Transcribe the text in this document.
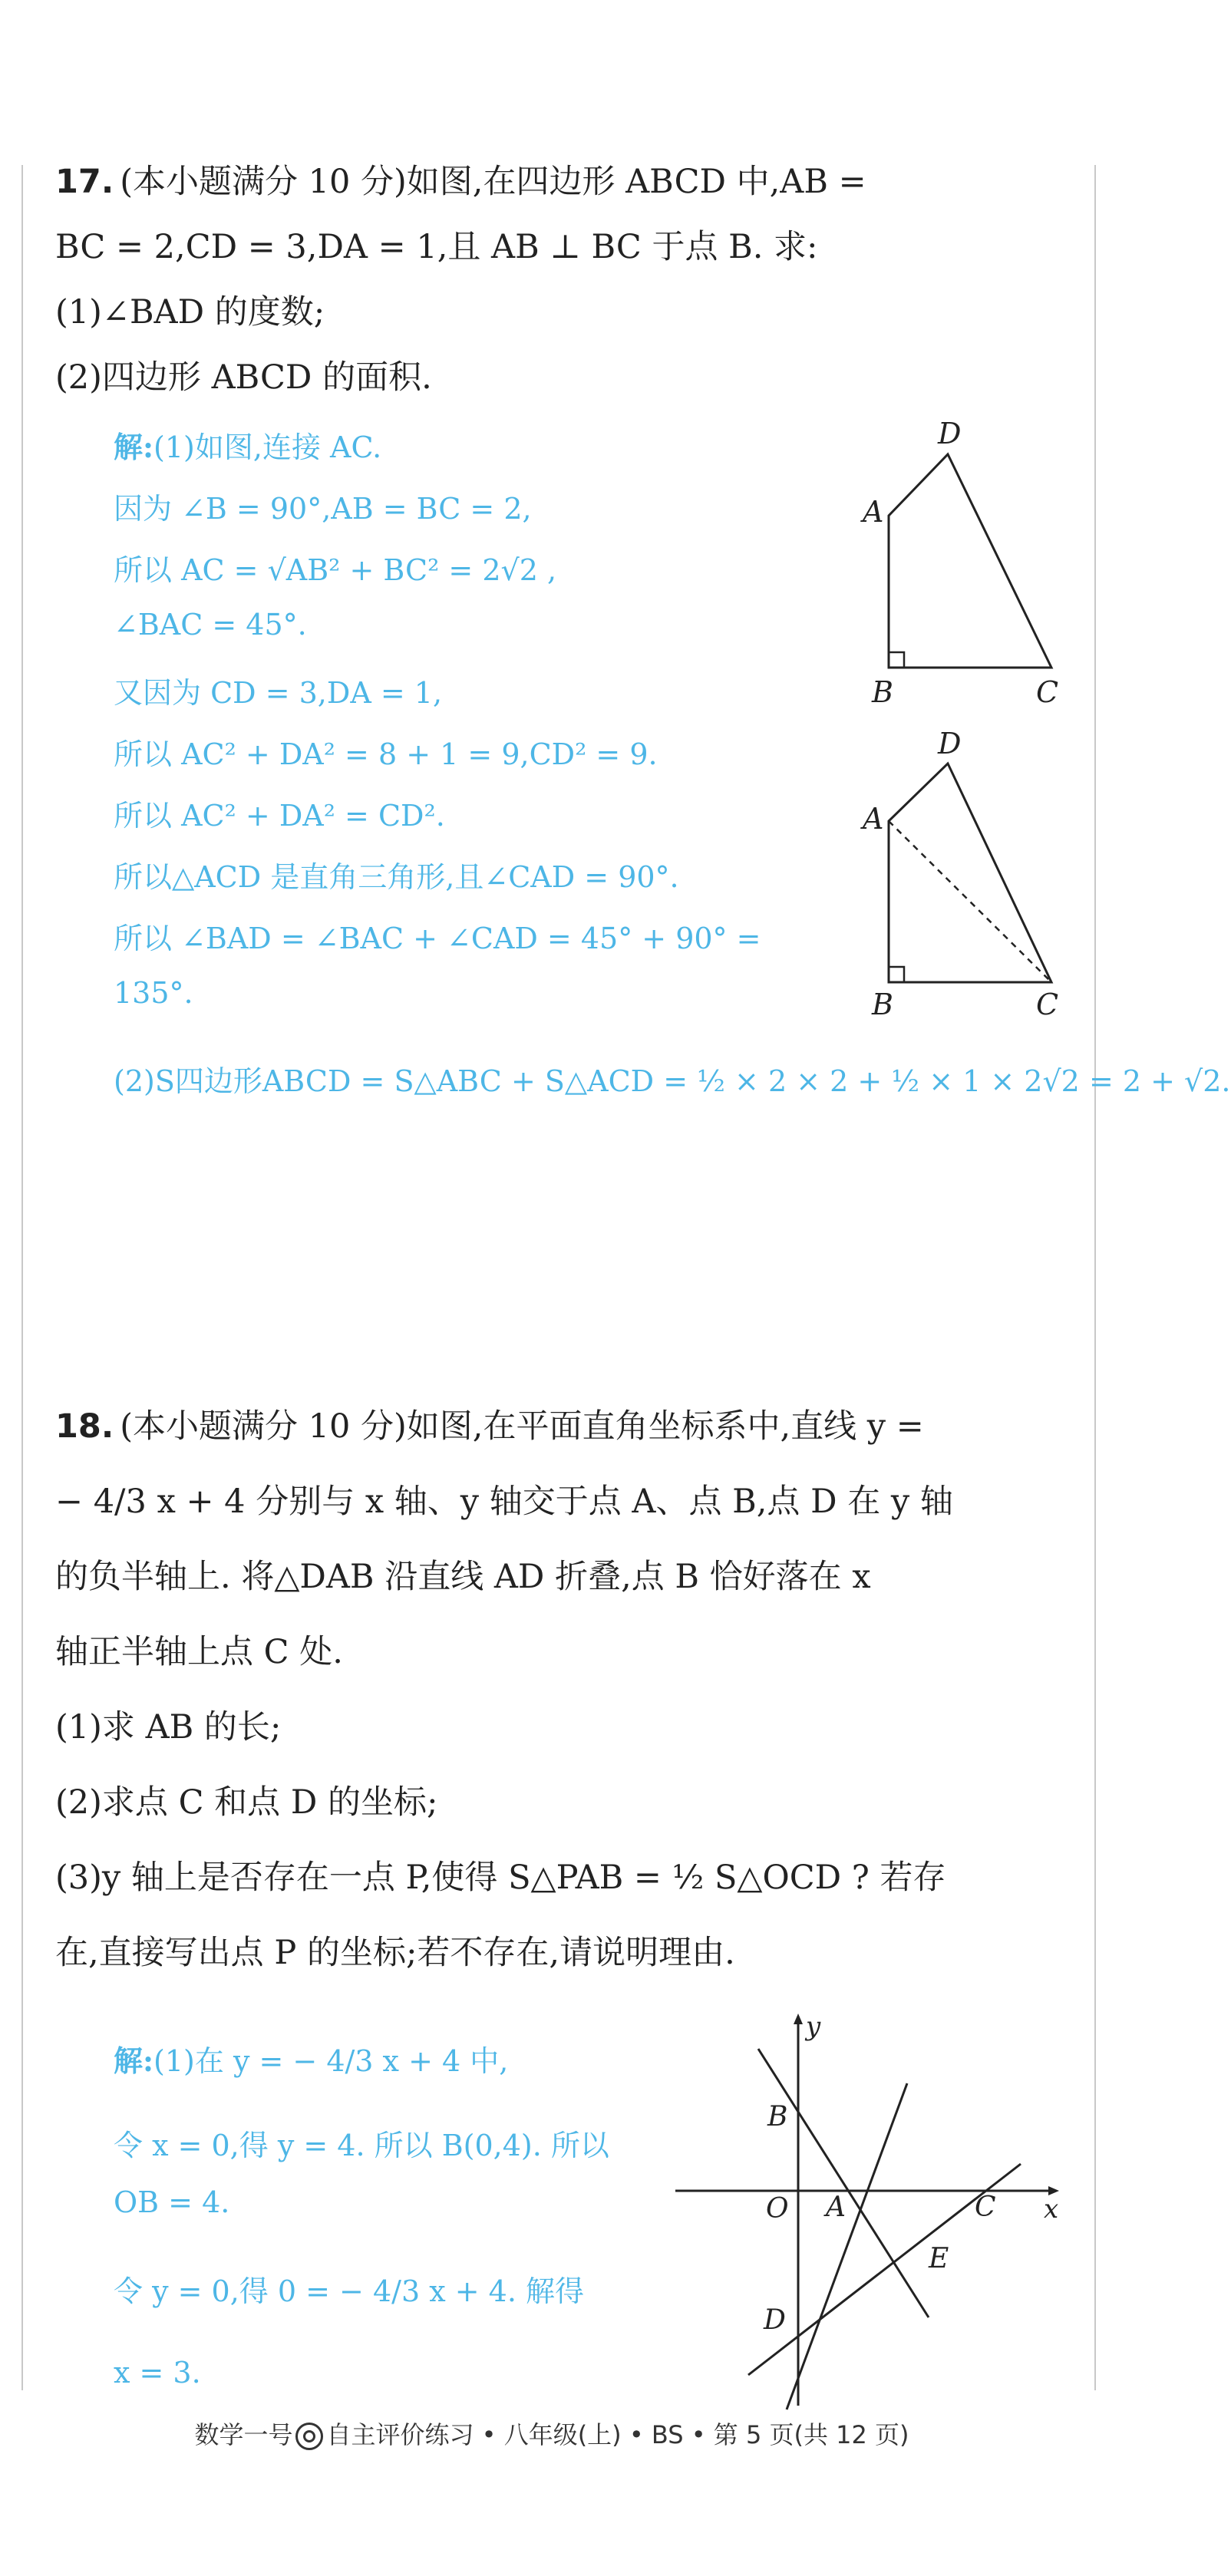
17. (本小题满分 10 分)如图,在四边形 ABCD 中,AB =
BC = 2,CD = 3,DA = 1,且 AB ⊥ BC 于点 B. 求:
(1)∠BAD 的度数;
(2)四边形 ABCD 的面积.
解:(1)如图,连接 AC.
因为 ∠B = 90°,AB = BC = 2,
所以 AC = √AB² + BC² = 2√2 ,
∠BAC = 45°.
又因为 CD = 3,DA = 1,
所以 AC² + DA² = 8 + 1 = 9,CD² = 9.
所以 AC² + DA² = CD².
所以△ACD 是直角三角形,且∠CAD = 90°.
所以 ∠BAD = ∠BAC + ∠CAD = 45° + 90° =
135°.
(2)S四边形ABCD = S△ABC + S△ACD = ½ × 2 × 2 + ½ × 1 × 2√2 = 2 + √2.
A
B	C
D
A
B	C
D
18. (本小题满分 10 分)如图,在平面直角坐标系中,直线 y =
− 4/3 x + 4 分别与 x 轴、y 轴交于点 A、点 B,点 D 在 y 轴
的负半轴上. 将△DAB 沿直线 AD 折叠,点 B 恰好落在 x
轴正半轴上点 C 处.
(1)求 AB 的长;
(2)求点 C 和点 D 的坐标;
(3)y 轴上是否存在一点 P,使得 S△PAB = ½ S△OCD ? 若存
在,直接写出点 P 的坐标;若不存在,请说明理由.
解:(1)在 y = − 4/3 x + 4 中,
令 x = 0,得 y = 4. 所以 B(0,4). 所以
OB = 4.
令 y = 0,得 0 = − 4/3 x + 4. 解得
x = 3.
y
x
O A
B
C
D
E
数学一号 自主评价练习 • 八年级(上) • BS • 第 5 页(共 12 页)
